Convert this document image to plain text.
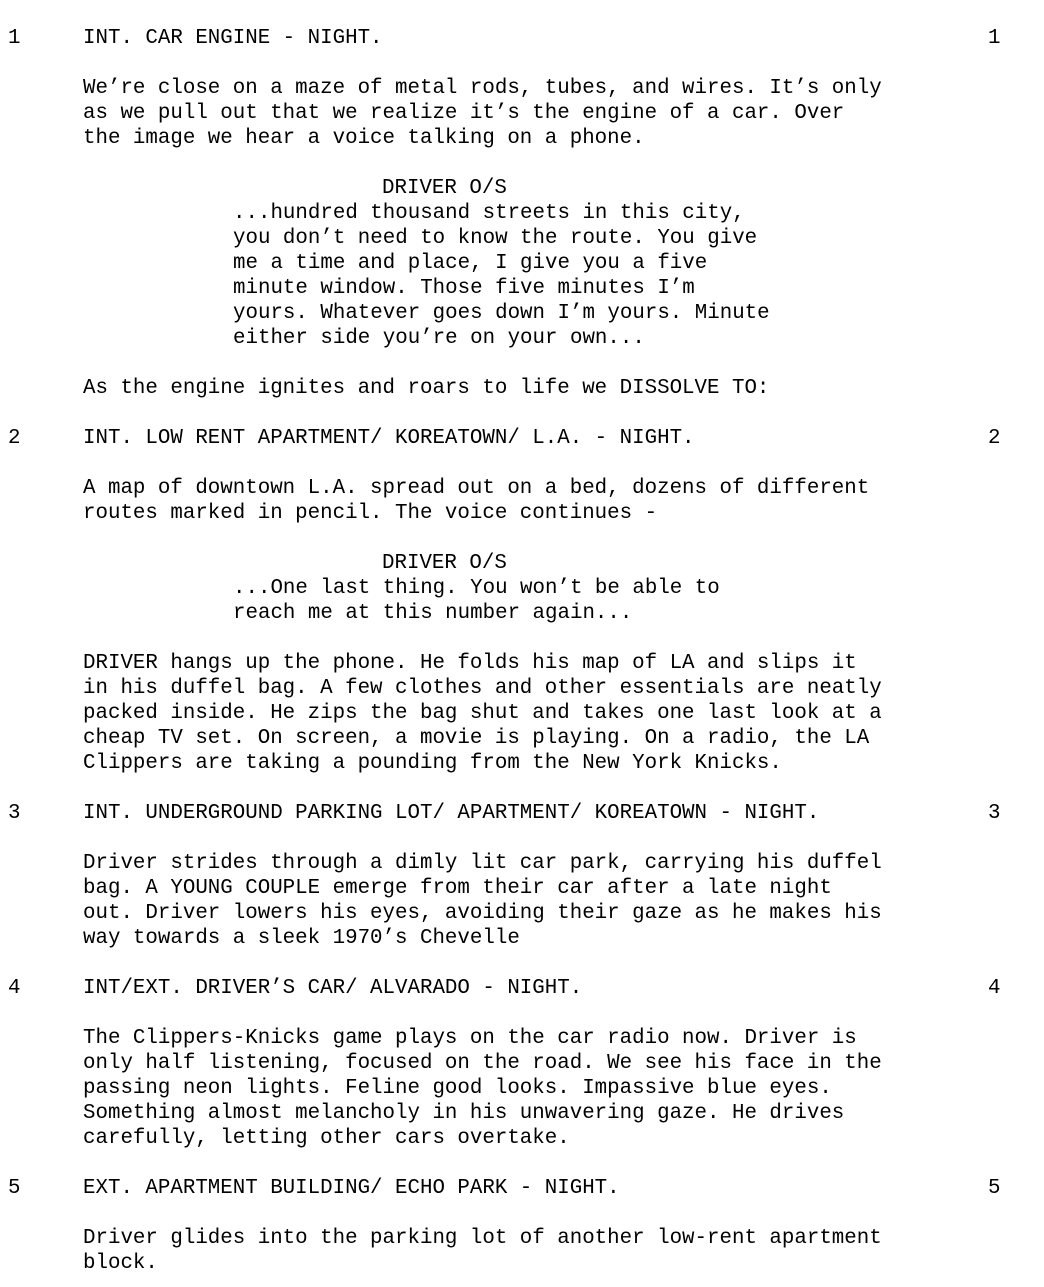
1	INT. CAR ENGINE - NIGHT.	1
We’re close on a maze of metal rods, tubes, and wires. It’s only
as we pull out that we realize it’s the engine of a car. Over
the image we hear a voice talking on a phone.
DRIVER O/S
...hundred thousand streets in this city,
you don’t need to know the route. You give
me a time and place, I give you a five
minute window. Those five minutes I’m
yours. Whatever goes down I’m yours. Minute
either side you’re on your own...
As the engine ignites and roars to life we DISSOLVE TO:
2	INT. LOW RENT APARTMENT/ KOREATOWN/ L.A. - NIGHT.	2
A map of downtown L.A. spread out on a bed, dozens of different
routes marked in pencil. The voice continues -
DRIVER O/S
...One last thing. You won’t be able to
reach me at this number again...
DRIVER hangs up the phone. He folds his map of LA and slips it
in his duffel bag. A few clothes and other essentials are neatly
packed inside. He zips the bag shut and takes one last look at a
cheap TV set. On screen, a movie is playing. On a radio, the LA
Clippers are taking a pounding from the New York Knicks.
3	INT. UNDERGROUND PARKING LOT/ APARTMENT/ KOREATOWN - NIGHT.	3
Driver strides through a dimly lit car park, carrying his duffel
bag. A YOUNG COUPLE emerge from their car after a late night
out. Driver lowers his eyes, avoiding their gaze as he makes his
way towards a sleek 1970’s Chevelle
4	INT/EXT. DRIVER’S CAR/ ALVARADO - NIGHT.	4
The Clippers-Knicks game plays on the car radio now. Driver is
only half listening, focused on the road. We see his face in the
passing neon lights. Feline good looks. Impassive blue eyes.
Something almost melancholy in his unwavering gaze. He drives
carefully, letting other cars overtake.
5	EXT. APARTMENT BUILDING/ ECHO PARK - NIGHT.	5
Driver glides into the parking lot of another low-rent apartment
block.
